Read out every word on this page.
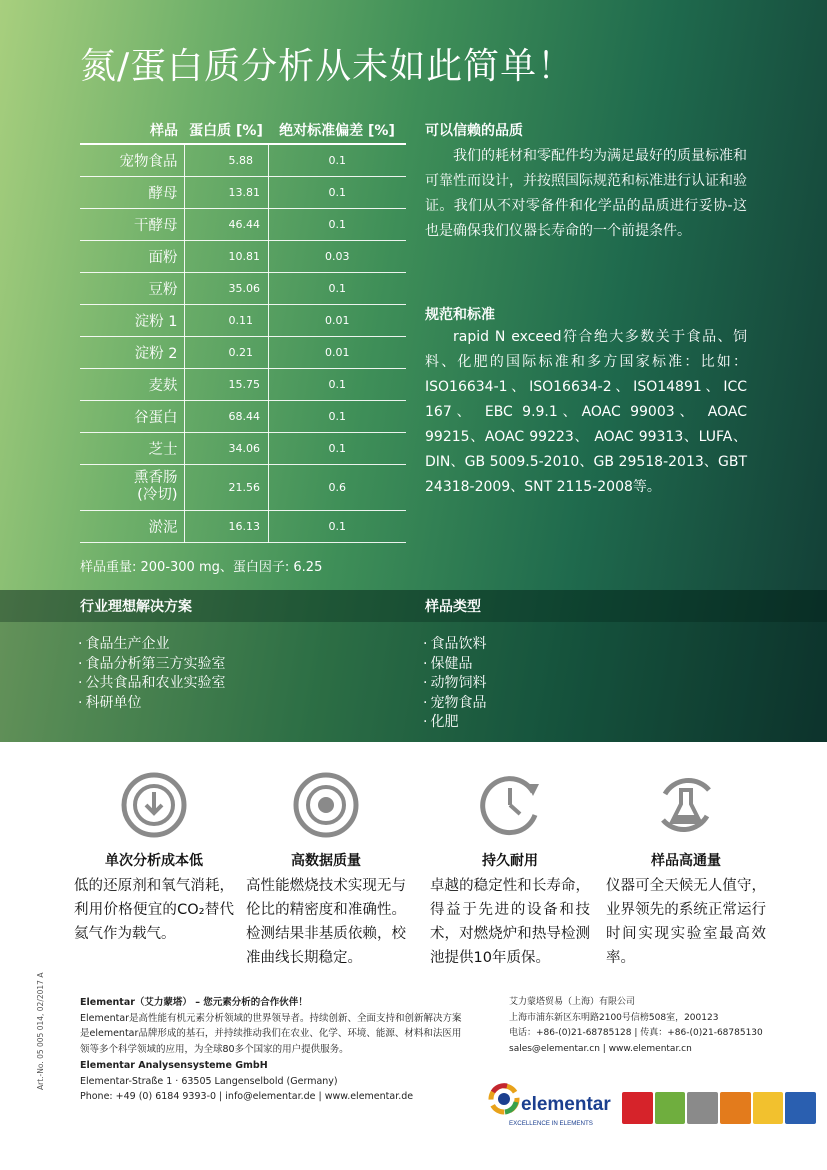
氮/蛋白质分析从未如此简单！
样品	蛋白质 [%]	绝对标准偏差 [%]
宠物食品	5.88	0.1
酵母	13.81	0.1
干酵母	46.44	0.1
面粉	10.81	0.03
豆粉	35.06	0.1
淀粉 1	0.11	0.01
淀粉 2	0.21	0.01
麦麸	15.75	0.1
谷蛋白	68.44	0.1
芝士	34.06	0.1
熏香肠
(冷切)	21.56	0.6
淤泥	16.13	0.1
样品重量: 200-300 mg、蛋白因子: 6.25
可以信赖的品质
我们的耗材和零配件均为满足最好的质量标准和可靠性而设计，并按照国际规范和标准进行认证和验证。我们从不对零备件和化学品的品质进行妥协-这也是确保我们仪器长寿命的一个前提条件。
规范和标准
rapid N exceed符合绝大多数关于食品、饲料、化肥的国际标准和多方国家标准：比如：ISO16634-1、ISO16634-2、ISO14891、ICC 167、 EBC 9.9.1、AOAC 99003、 AOAC 99215、AOAC 99223、 AOAC 99313、LUFA、DIN、GB 5009.5-2010、GB 29518-2013、GBT 24318-2009、SNT 2115-2008等。
行业理想解决方案
· 食品生产企业
· 食品分析第三方实验室
· 公共食品和农业实验室
· 科研单位
样品类型
· 食品饮料
· 保健品
· 动物饲料
· 宠物食品
· 化肥
单次分析成本低
低的还原剂和氧气消耗，利用价格便宜的CO₂替代氦气作为载气。
高数据质量
高性能燃烧技术实现无与伦比的精密度和准确性。检测结果非基质依赖，校准曲线长期稳定。
持久耐用
卓越的稳定性和长寿命，得益于先进的设备和技术，对燃烧炉和热导检测池提供10年质保。
样品高通量
仪器可全天候无人值守，业界领先的系统正常运行时间实现实验室最高效率。
Art.-No. 05 005 014, 02/2017 A	Elementar（艾力蒙塔） – 您元素分析的合作伙伴！
Elementar是高性能有机元素分析领域的世界领导者。持续创新、全面支持和创新解决方案是elementar品牌形成的基石，并持续推动我们在农业、化学、环境、能源、材料和法医用领等多个科学领域的应用，为全球80多个国家的用户提供服务。
Elementar Analysensysteme GmbH
Elementar-Straße 1 · 63505 Langenselbold (Germany)
Phone: +49 (0) 6184 9393-0 | info@elementar.de | www.elementar.de
艾力蒙塔贸易（上海）有限公司
上海市浦东新区东明路2100号信榜508室，200123
电话：+86-(0)21-68785128 | 传真：+86-(0)21-68785130
sales@elementar.cn | www.elementar.cn
elementar
EXCELLENCE IN ELEMENTS
